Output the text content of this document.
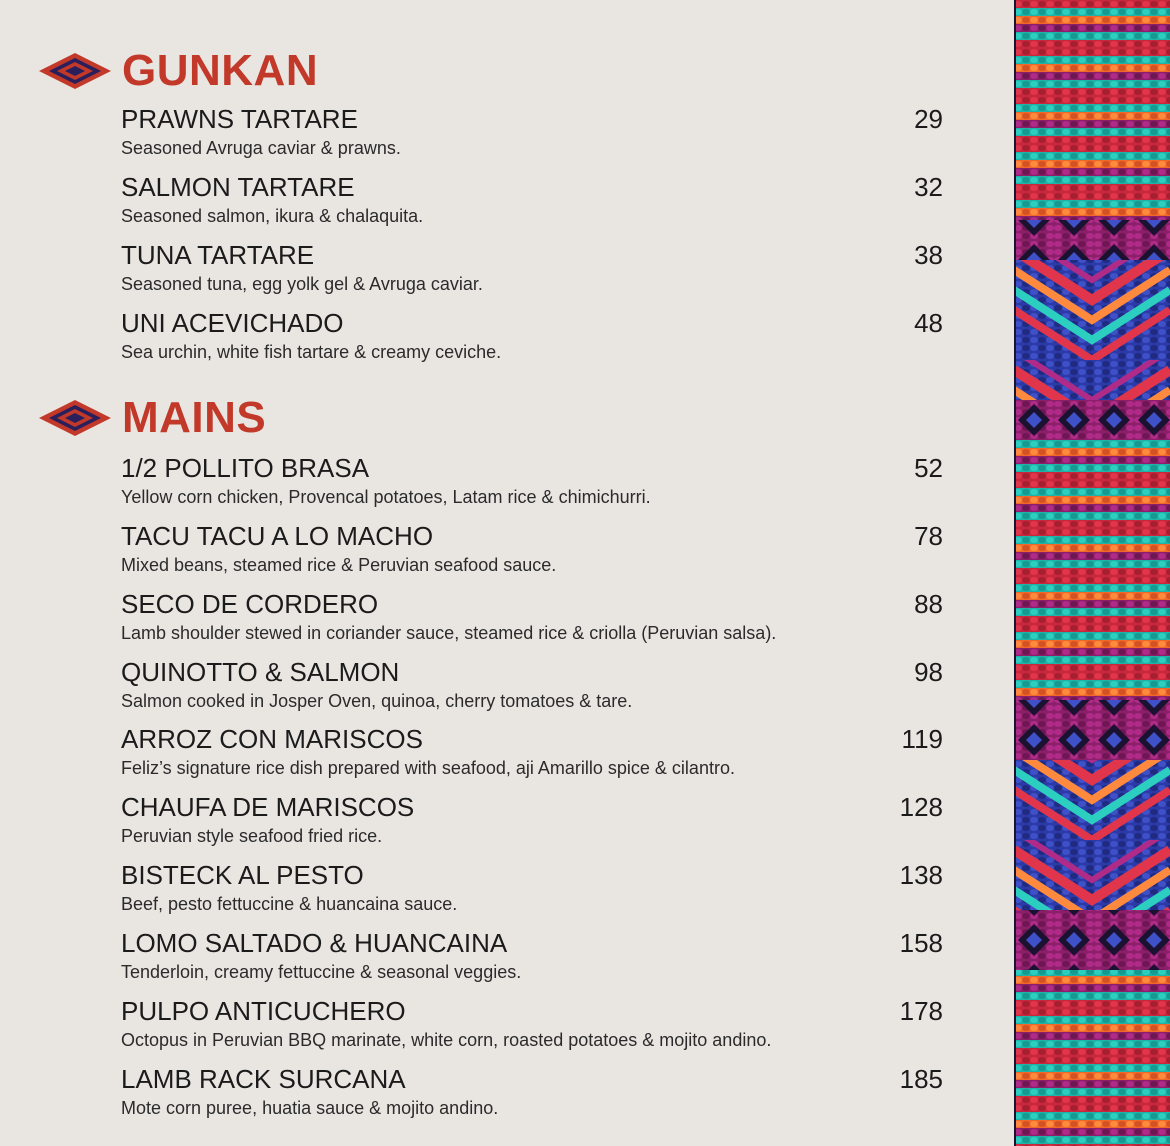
GUNKAN
PRAWNS TARTARE	29
Seasoned Avruga caviar & prawns.
SALMON TARTARE	32
Seasoned salmon, ikura & chalaquita.
TUNA TARTARE	38
Seasoned tuna, egg yolk gel & Avruga caviar.
UNI ACEVICHADO	48
Sea urchin, white fish tartare & creamy ceviche.
MAINS
1/2 POLLITO BRASA	52
Yellow corn chicken, Provencal potatoes, Latam rice & chimichurri.
TACU TACU A LO MACHO	78
Mixed beans, steamed rice & Peruvian seafood sauce.
SECO DE CORDERO	88
Lamb shoulder stewed in coriander sauce, steamed rice & criolla (Peruvian salsa).
QUINOTTO & SALMON	98
Salmon cooked in Josper Oven, quinoa, cherry tomatoes & tare.
ARROZ CON MARISCOS	119
Feliz’s signature rice dish prepared with seafood, aji Amarillo spice & cilantro.
CHAUFA DE MARISCOS	128
Peruvian style seafood fried rice.
BISTECK AL PESTO	138
Beef, pesto fettuccine & huancaina sauce.
LOMO SALTADO & HUANCAINA	158
Tenderloin, creamy fettuccine & seasonal veggies.
PULPO ANTICUCHERO	178
Octopus in Peruvian BBQ marinate, white corn, roasted potatoes & mojito andino.
LAMB RACK SURCANA	185
Mote corn puree, huatia sauce & mojito andino.
